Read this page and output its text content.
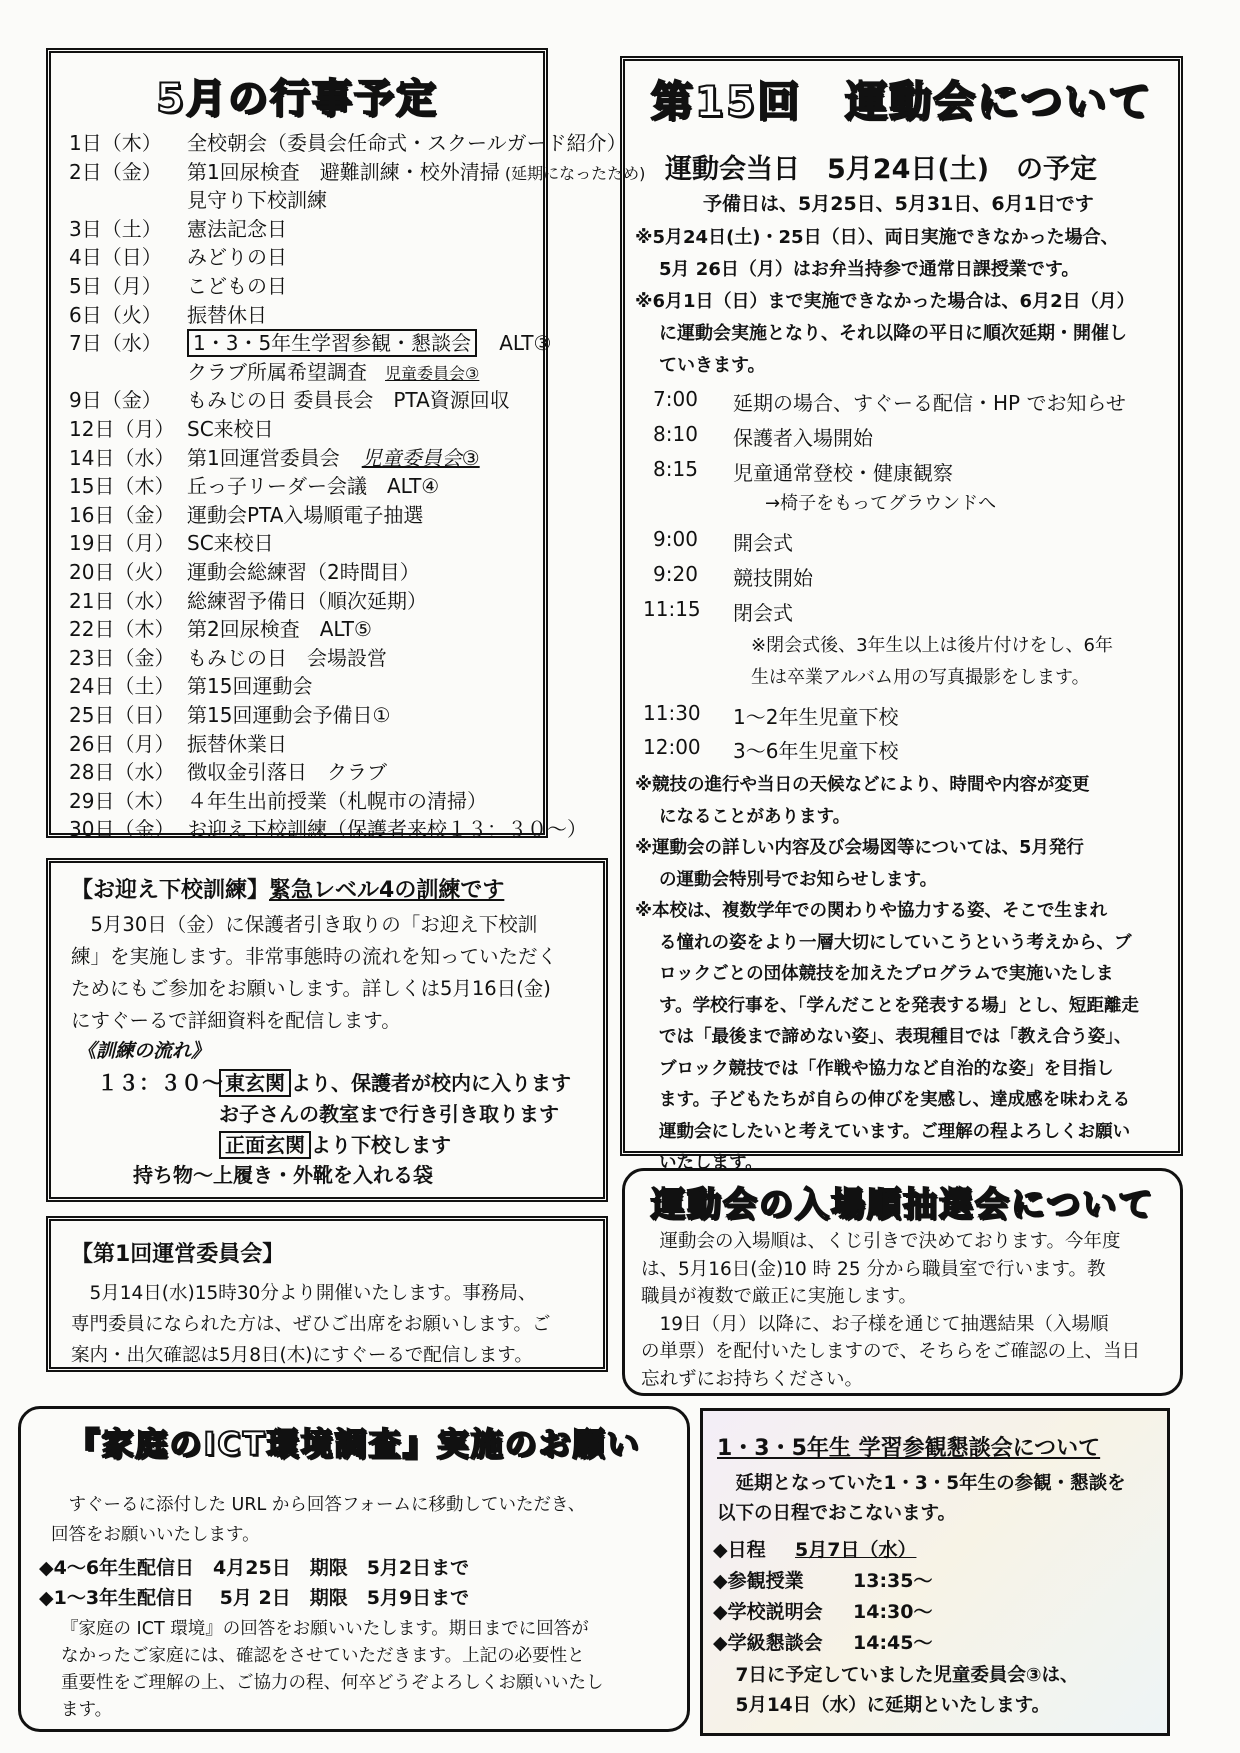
5月の行事予定
1日（木） 全校朝会（委員会任命式・スクールガード紹介）
2日（金） 第1回尿検査　避難訓練・校外清掃 (延期になったため)
見守り下校訓練
3日（土） 憲法記念日
4日（日） みどりの日
5日（月） こどもの日
6日（火） 振替休日
7日（水） 1・3・5年生学習参観・懇談会 ALT③
クラブ所属希望調査 児童委員会③
9日（金） もみじの日 委員長会　PTA資源回収
12日（月） SC来校日
14日（水） 第1回運営委員会 児童委員会③
15日（木） 丘っ子リーダー会議　ALT④
16日（金） 運動会PTA入場順電子抽選
19日（月） SC来校日
20日（火） 運動会総練習（2時間目）
21日（水） 総練習予備日（順次延期）
22日（木） 第2回尿検査　ALT⑤
23日（金） もみじの日　会場設営
24日（土） 第15回運動会
25日（日） 第15回運動会予備日①
26日（月） 振替休業日
28日（水） 徴収金引落日　クラブ
29日（木） ４年生出前授業（札幌市の清掃）
30日（金） お迎え下校訓練（保護者来校１３：３０～）
第15回　運動会について
運動会当日　5月24日(土)　の予定
予備日は、5月25日、5月31日、6月1日です
※5月24日(土)・25日（日）、両日実施できなかった場合、
5月 26日（月）はお弁当持参で通常日課授業です。
※6月1日（日）まで実施できなかった場合は、6月2日（月）
に運動会実施となり、それ以降の平日に順次延期・開催し
ていきます。
7:00 延期の場合、すぐーる配信・HP でお知らせ
8:10 保護者入場開始
8:15 児童通常登校・健康観察
→椅子をもってグラウンドへ
9:00 開会式
9:20 競技開始
11:15 閉会式
※閉会式後、3年生以上は後片付けをし、6年
生は卒業アルバム用の写真撮影をします。
11:30 1～2年生児童下校
12:00 3～6年生児童下校
※競技の進行や当日の天候などにより、時間や内容が変更
になることがあります。
※運動会の詳しい内容及び会場図等については、5月発行
の運動会特別号でお知らせします。
※本校は、複数学年での関わりや協力する姿、そこで生まれ
る憧れの姿をより一層大切にしていこうという考えから、ブ
ロックごとの団体競技を加えたプログラムで実施いたしま
す。学校行事を、「学んだことを発表する場」とし、短距離走
では「最後まで諦めない姿」、表現種目では「教え合う姿」、
ブロック競技では「作戦や協力など自治的な姿」を目指し
ます。子どもたちが自らの伸びを実感し、達成感を味わえる
運動会にしたいと考えています。ご理解の程よろしくお願い
いたします。
【お迎え下校訓練】緊急レベル4の訓練です
　5月30日（金）に保護者引き取りの「お迎え下校訓
練」を実施します。非常事態時の流れを知っていただく
ためにもご参加をお願いします。詳しくは5月16日(金)
にすぐーるで詳細資料を配信します。
《訓練の流れ》
１３：３０～ 東玄関 より、保護者が校内に入ります
お子さんの教室まで行き引き取ります
正面玄関 より下校します
持ち物～上履き・外靴を入れる袋
【第1回運営委員会】
　5月14日(水)15時30分より開催いたします。事務局、
専門委員になられた方は、ぜひご出席をお願いします。ご
案内・出欠確認は5月8日(木)にすぐーるで配信します。
運動会の入場順抽選会について
　運動会の入場順は、くじ引きで決めております。今年度
は、5月16日(金)10 時 25 分から職員室で行います。教
職員が複数で厳正に実施します。
　19日（月）以降に、お子様を通じて抽選結果（入場順
の単票）を配付いたしますので、そちらをご確認の上、当日
忘れずにお持ちください。
『家庭のICT環境調査』実施のお願い
　すぐーるに添付した URL から回答フォームに移動していただき、
回答をお願いいたします。
◆4～6年生配信日　4月25日　期限　5月2日まで
◆1～3年生配信日　 5月 2日　期限　5月9日まで
『家庭の ICT 環境』の回答をお願いいたします。期日までに回答が
なかったご家庭には、確認をさせていただきます。上記の必要性と
重要性をご理解の上、ご協力の程、何卒どうぞよろしくお願いいたし
ます。
1・3・5年生 学習参観懇談会について
　延期となっていた1・3・5年生の参観・懇談を
以下の日程でおこないます。
◆日程 5月7日（水）
◆参観授業	13:35～
◆学校説明会 14:30～
◆学級懇談会 14:45～
　7日に予定していました児童委員会③は、
　5月14日（水）に延期といたします。
